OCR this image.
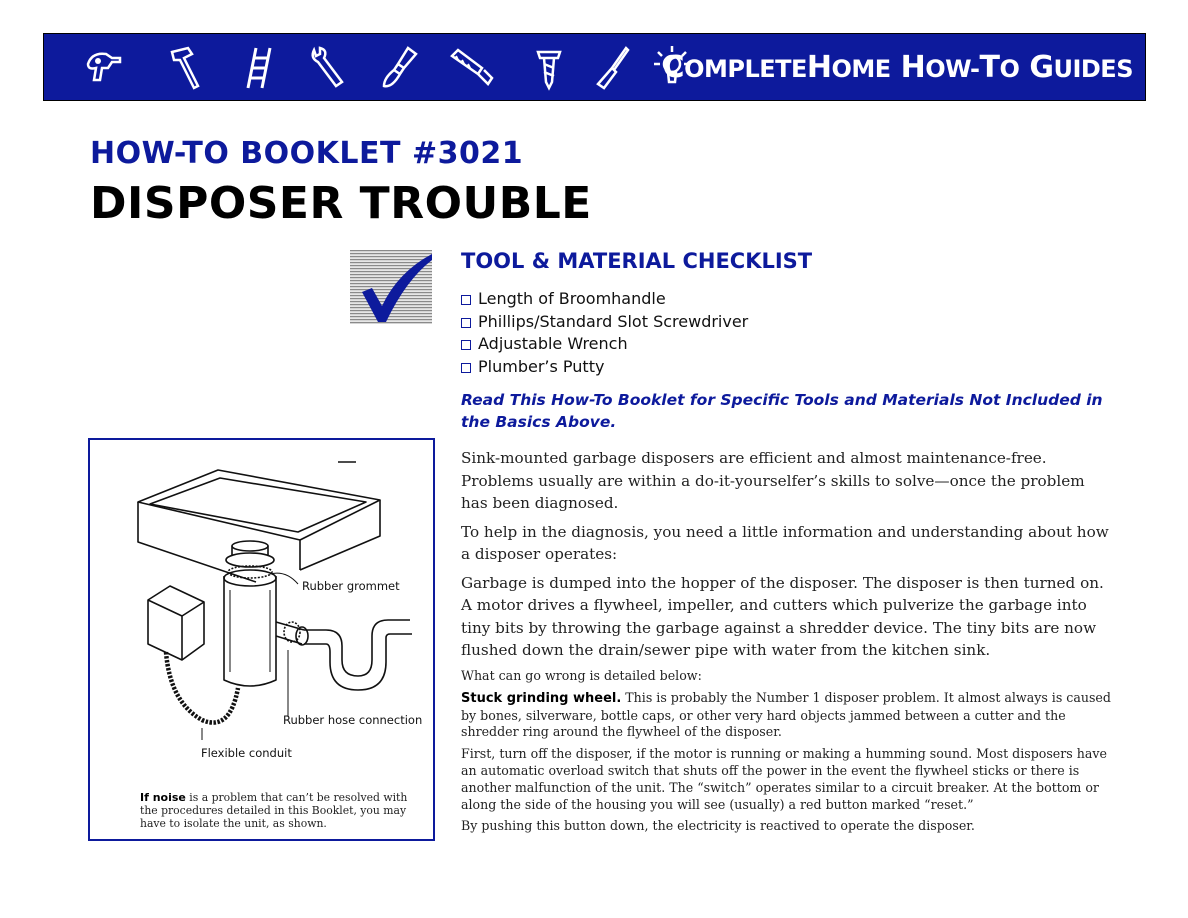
COMPLETEHOME HOW-TO GUIDES
HOW-TO BOOKLET #3021
DISPOSER TROUBLE
TOOL & MATERIAL CHECKLIST
Length of Broomhandle
Phillips/Standard Slot Screwdriver
Adjustable Wrench
Plumber’s Putty
Read This How-To Booklet for Specific Tools and Materials Not Included in the Basics Above.

Sink-mounted garbage disposers are efficient and almost maintenance-free. Problems usually are within a do-it-yourselfer’s skills to solve—once the problem has been diagnosed.

To help in the diagnosis, you need a little information and understanding about how a disposer operates:

Garbage is dumped into the hopper of the disposer. The disposer is then turned on. A motor drives a flywheel, impeller, and cutters which pulverize the garbage into tiny bits by throwing the garbage against a shredder device. The tiny bits are now flushed down the drain/sewer pipe with water from the kitchen sink.

What can go wrong is detailed below:

Stuck grinding wheel. This is probably the Number 1 disposer problem. It almost always is caused by bones, silverware, bottle caps, or other very hard objects jammed between a cutter and the shredder ring around the flywheel of the disposer.

First, turn off the disposer, if the motor is running or making a humming sound. Most disposers have an automatic overload switch that shuts off the power in the event the flywheel sticks or there is another malfunction of the unit. The “switch” operates similar to a circuit breaker. At the bottom or along the side of the housing you will see (usually) a red button marked “reset.”

By pushing this button down, the electricity is reactived to operate the disposer.

Rubber grommet
Rubber hose connection
Flexible conduit
If noise is a problem that can’t be resolved with the procedures detailed in this Booklet, you may have to isolate the unit, as shown.
